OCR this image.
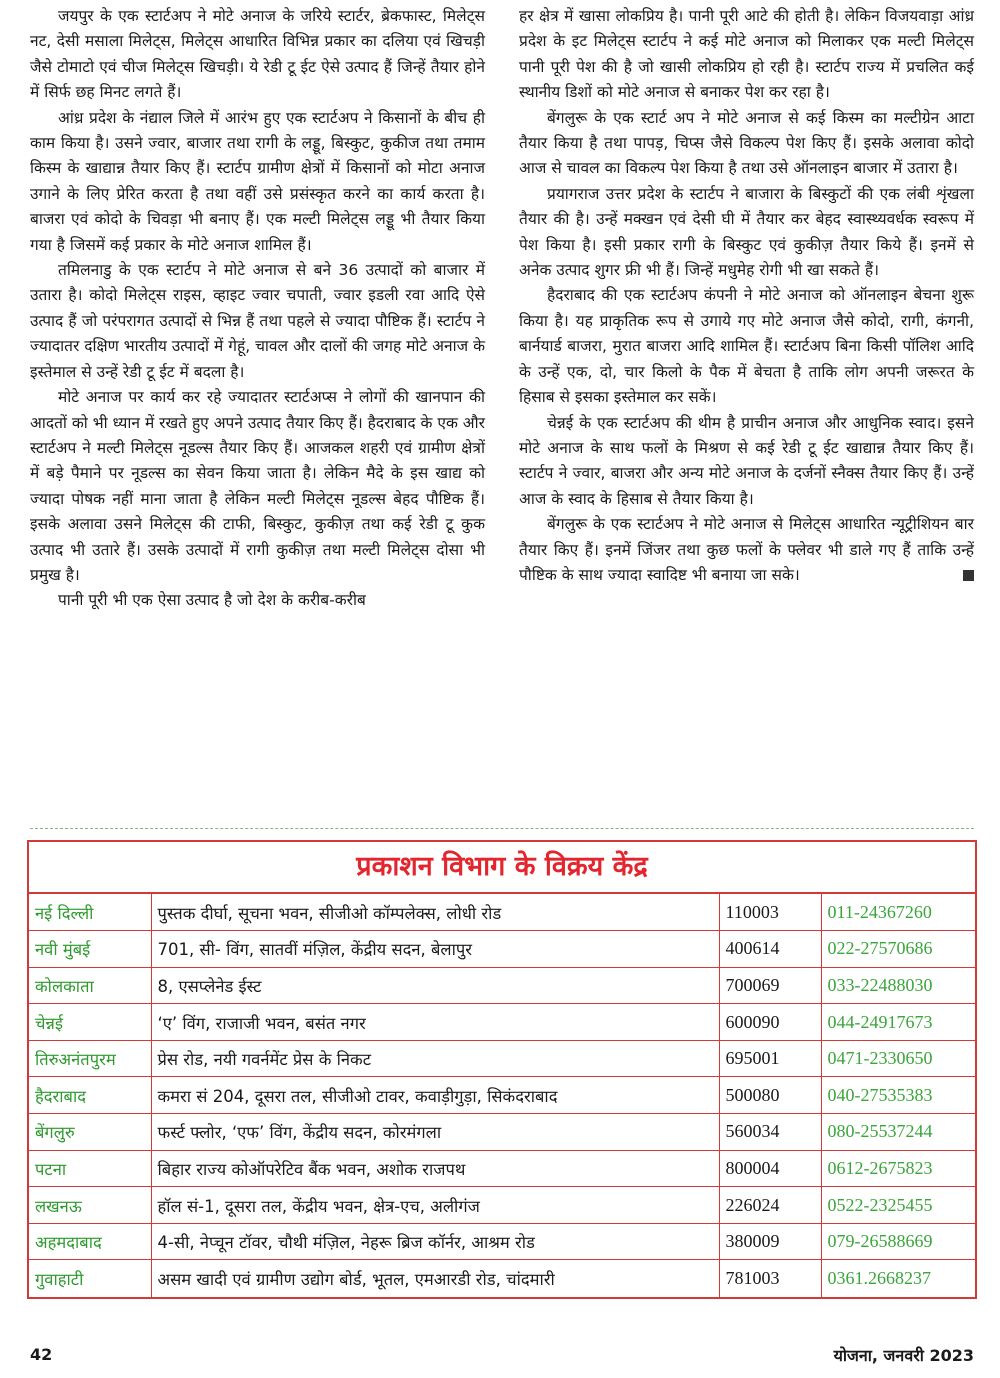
जयपुर के एक स्टार्टअप ने मोटे अनाज के जरिये स्टार्टर, ब्रेकफास्ट, मिलेट्स नट, देसी मसाला मिलेट्स, मिलेट्स आधारित विभिन्न प्रकार का दलिया एवं खिचड़ी जैसे टोमाटो एवं चीज मिलेट्स खिचड़ी। ये रेडी टू ईट ऐसे उत्पाद हैं जिन्हें तैयार होने में सिर्फ छह मिनट लगते हैं।

आंध्र प्रदेश के नंद्याल जिले में आरंभ हुए एक स्टार्टअप ने किसानों के बीच ही काम किया है। उसने ज्वार, बाजार तथा रागी के लड्डू, बिस्कुट, कुकीज तथा तमाम किस्म के खाद्यान्न तैयार किए हैं। स्टार्टप ग्रामीण क्षेत्रों में किसानों को मोटा अनाज उगाने के लिए प्रेरित करता है तथा वहीं उसे प्रसंस्कृत करने का कार्य करता है। बाजरा एवं कोदो के चिवड़ा भी बनाए हैं। एक मल्टी मिलेट्स लड्डू भी तैयार किया गया है जिसमें कई प्रकार के मोटे अनाज शामिल हैं।

तमिलनाडु के एक स्टार्टप ने मोटे अनाज से बने 36 उत्पादों को बाजार में उतारा है। कोदो मिलेट्स राइस, व्हाइट ज्वार चपाती, ज्वार इडली रवा आदि ऐसे उत्पाद हैं जो परंपरागत उत्पादों से भिन्न हैं तथा पहले से ज्यादा पौष्टिक हैं। स्टार्टप ने ज्यादातर दक्षिण भारतीय उत्पादों में गेहूं, चावल और दालों की जगह मोटे अनाज के इस्तेमाल से उन्हें रेडी टू ईट में बदला है।

मोटे अनाज पर कार्य कर रहे ज्यादातर स्टार्टअप्स ने लोगों की खानपान की आदतों को भी ध्यान में रखते हुए अपने उत्पाद तैयार किए हैं। हैदराबाद के एक और स्टार्टअप ने मल्टी मिलेट्स नूडल्स तैयार किए हैं। आजकल शहरी एवं ग्रामीण क्षेत्रों में बड़े पैमाने पर नूडल्स का सेवन किया जाता है। लेकिन मैदे के इस खाद्य को ज्यादा पोषक नहीं माना जाता है लेकिन मल्टी मिलेट्स नूडल्स बेहद पौष्टिक हैं। इसके अलावा उसने मिलेट्स की टाफी, बिस्कुट, कुकीज़ तथा कई रेडी टू कुक उत्पाद भी उतारे हैं। उसके उत्पादों में रागी कुकीज़ तथा मल्टी मिलेट्स दोसा भी प्रमुख है।

पानी पूरी भी एक ऐसा उत्पाद है जो देश के करीब-करीब

हर क्षेत्र में खासा लोकप्रिय है। पानी पूरी आटे की होती है। लेकिन विजयवाड़ा आंध्र प्रदेश के इट मिलेट्स स्टार्टप ने कई मोटे अनाज को मिलाकर एक मल्टी मिलेट्स पानी पूरी पेश की है जो खासी लोकप्रिय हो रही है। स्टार्टप राज्य में प्रचलित कई स्थानीय डिशों को मोटे अनाज से बनाकर पेश कर रहा है।

बेंगलुरू के एक स्टार्ट अप ने मोटे अनाज से कई किस्म का मल्टीग्रेन आटा तैयार किया है तथा पापड़, चिप्स जैसे विकल्प पेश किए हैं। इसके अलावा कोदो आज से चावल का विकल्प पेश किया है तथा उसे ऑनलाइन बाजार में उतारा है।

प्रयागराज उत्तर प्रदेश के स्टार्टप ने बाजारा के बिस्कुटों की एक लंबी शृंखला तैयार की है। उन्हें मक्खन एवं देसी घी में तैयार कर बेहद स्वास्थ्यवर्धक स्वरूप में पेश किया है। इसी प्रकार रागी के बिस्कुट एवं कुकीज़ तैयार किये हैं। इनमें से अनेक उत्पाद शुगर फ्री भी हैं। जिन्हें मधुमेह रोगी भी खा सकते हैं।

हैदराबाद की एक स्टार्टअप कंपनी ने मोटे अनाज को ऑनलाइन बेचना शुरू किया है। यह प्राकृतिक रूप से उगाये गए मोटे अनाज जैसे कोदो, रागी, कंगनी, बार्नयार्ड बाजरा, मुरात बाजरा आदि शामिल हैं। स्टार्टअप बिना किसी पॉलिश आदि के उन्हें एक, दो, चार किलो के पैक में बेचता है ताकि लोग अपनी जरूरत के हिसाब से इसका इस्तेमाल कर सकें।

चेन्नई के एक स्टार्टअप की थीम है प्राचीन अनाज और आधुनिक स्वाद। इसने मोटे अनाज के साथ फलों के मिश्रण से कई रेडी टू ईट खाद्यान्न तैयार किए हैं। स्टार्टप ने ज्वार, बाजरा और अन्य मोटे अनाज के दर्जनों स्नैक्स तैयार किए हैं। उन्हें आज के स्वाद के हिसाब से तैयार किया है।

बेंगलुरू के एक स्टार्टअप ने मोटे अनाज से मिलेट्स आधारित न्यूट्रीशियन बार तैयार किए हैं। इनमें जिंजर तथा कुछ फलों के फ्लेवर भी डाले गए हैं ताकि उन्हें पौष्टिक के साथ ज्यादा स्वादिष्ट भी बनाया जा सके।

प्रकाशन विभाग के विक्रय केंद्र
नई दिल्ली	पुस्तक दीर्घा, सूचना भवन, सीजीओ कॉम्पलेक्स, लोधी रोड	110003	011-24367260
नवी मुंबई	701, सी- विंग, सातवीं मंज़िल, केंद्रीय सदन, बेलापुर	400614	022-27570686
कोलकाता	8, एसप्लेनेड ईस्ट	700069	033-22488030
चेन्नई	‘ए’ विंग, राजाजी भवन, बसंत नगर	600090	044-24917673
तिरुअनंतपुरम	प्रेस रोड, नयी गवर्नमेंट प्रेस के निकट	695001	0471-2330650
हैदराबाद	कमरा सं 204, दूसरा तल, सीजीओ टावर, कवाड़ीगुड़ा, सिकंदराबाद	500080	040-27535383
बेंगलुरु	फर्स्ट फ्लोर, ‘एफ’ विंग, केंद्रीय सदन, कोरमंगला	560034	080-25537244
पटना	बिहार राज्य कोऑपरेटिव बैंक भवन, अशोक राजपथ	800004	0612-2675823
लखनऊ	हॉल सं-1, दूसरा तल, केंद्रीय भवन, क्षेत्र-एच, अलीगंज	226024	0522-2325455
अहमदाबाद	4-सी, नेप्चून टॉवर, चौथी मंज़िल, नेहरू ब्रिज कॉर्नर, आश्रम रोड	380009	079-26588669
गुवाहाटी	असम खादी एवं ग्रामीण उद्योग बोर्ड, भूतल, एमआरडी रोड, चांदमारी	781003	0361.2668237
42	योजना, जनवरी 2023
